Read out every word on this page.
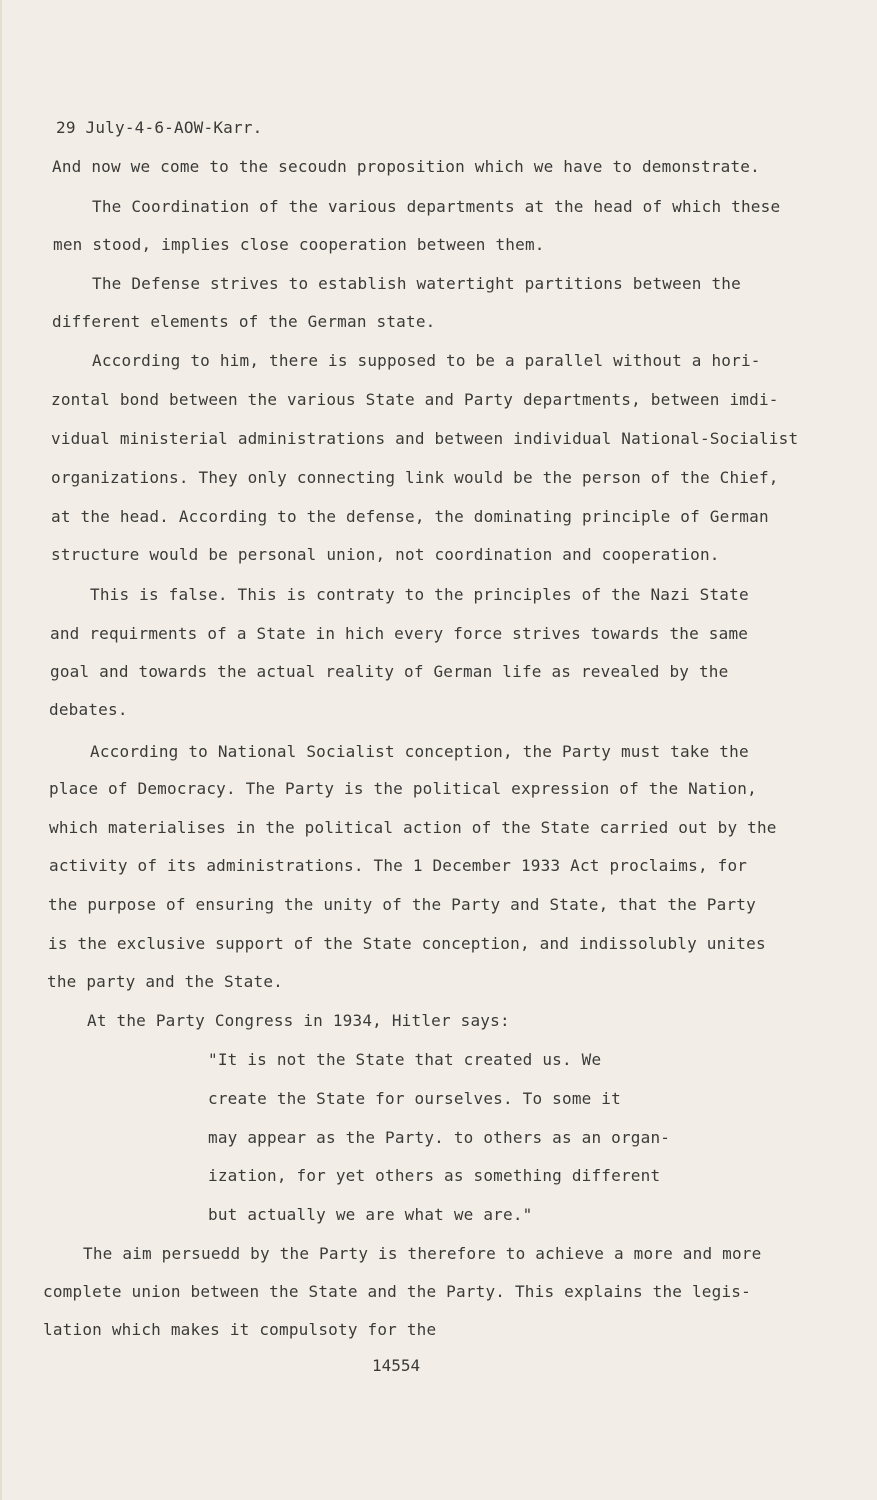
29 July-4-6-AOW-Karr.
And now we come to the secoudn proposition which we have to demonstrate.
The Coordination of the various departments at the head of which these
men stood, implies close cooperation between them.
The Defense strives to establish watertight partitions between the
different elements of the German state.
According to him, there is supposed to be a parallel without a hori-
zontal bond between the various State and Party departments, between imdi-
vidual ministerial administrations and between individual National-Socialist
organizations. They only connecting link would be the person of the Chief,
at the head. According to the defense, the dominating principle of German
structure would be personal union, not coordination and cooperation.
This is false. This is contraty to the principles of the Nazi State
and requirments of a State in hich every force strives towards the same
goal and towards the actual reality of German life as revealed by the
debates.
According to National Socialist conception, the Party must take the
place of Democracy. The Party is the political expression of the Nation,
which materialises in the political action of the State carried out by the
activity of its administrations. The 1 December 1933 Act proclaims, for
the purpose of ensuring the unity of the Party and State, that the Party
is the exclusive support of the State conception, and indissolubly unites
the party and the State.
At the Party Congress in 1934, Hitler says:
"It is not the State that created us. We
create the State for ourselves. To some it
may appear as the Party. to others as an organ-
ization, for yet others as something different
but actually we are what we are."
The aim persuedd by the Party is therefore to achieve a more and more
complete union between the State and the Party. This explains the legis-
lation which makes it compulsoty for the
14554
